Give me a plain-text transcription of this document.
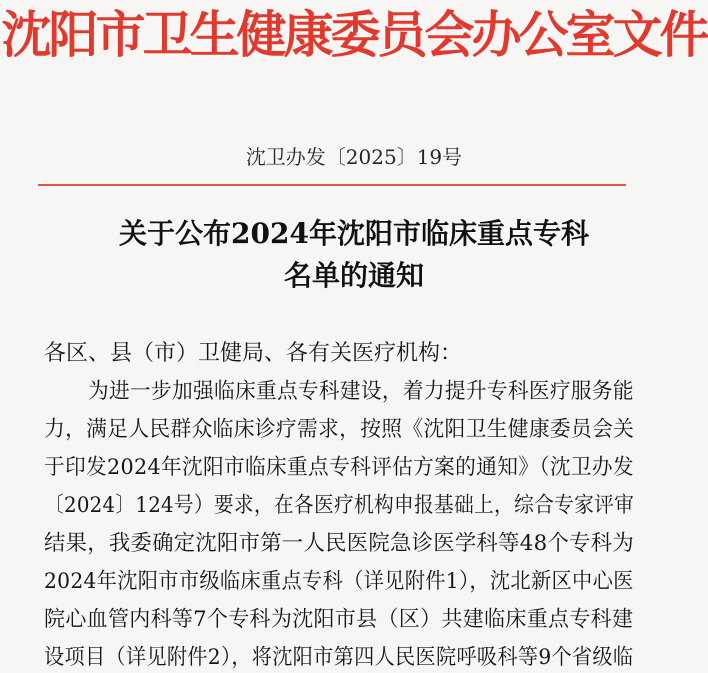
沈阳市卫生健康委员会办公室文件
沈卫办发〔2025〕19号
关于公布2024年沈阳市临床重点专科
名单的通知
各区、县（市）卫健局、各有关医疗机构：
为进一步加强临床重点专科建设，着力提升专科医疗服务能
力，满足人民群众临床诊疗需求，按照《沈阳卫生健康委员会关
于印发2024年沈阳市临床重点专科评估方案的通知》（沈卫办发
〔2024〕124号）要求，在各医疗机构申报基础上，综合专家评审
结果，我委确定沈阳市第一人民医院急诊医学科等48个专科为
2024年沈阳市市级临床重点专科（详见附件1），沈北新区中心医
院心血管内科等7个专科为沈阳市县（区）共建临床重点专科建
设项目（详见附件2），将沈阳市第四人民医院呼吸科等9个省级临
